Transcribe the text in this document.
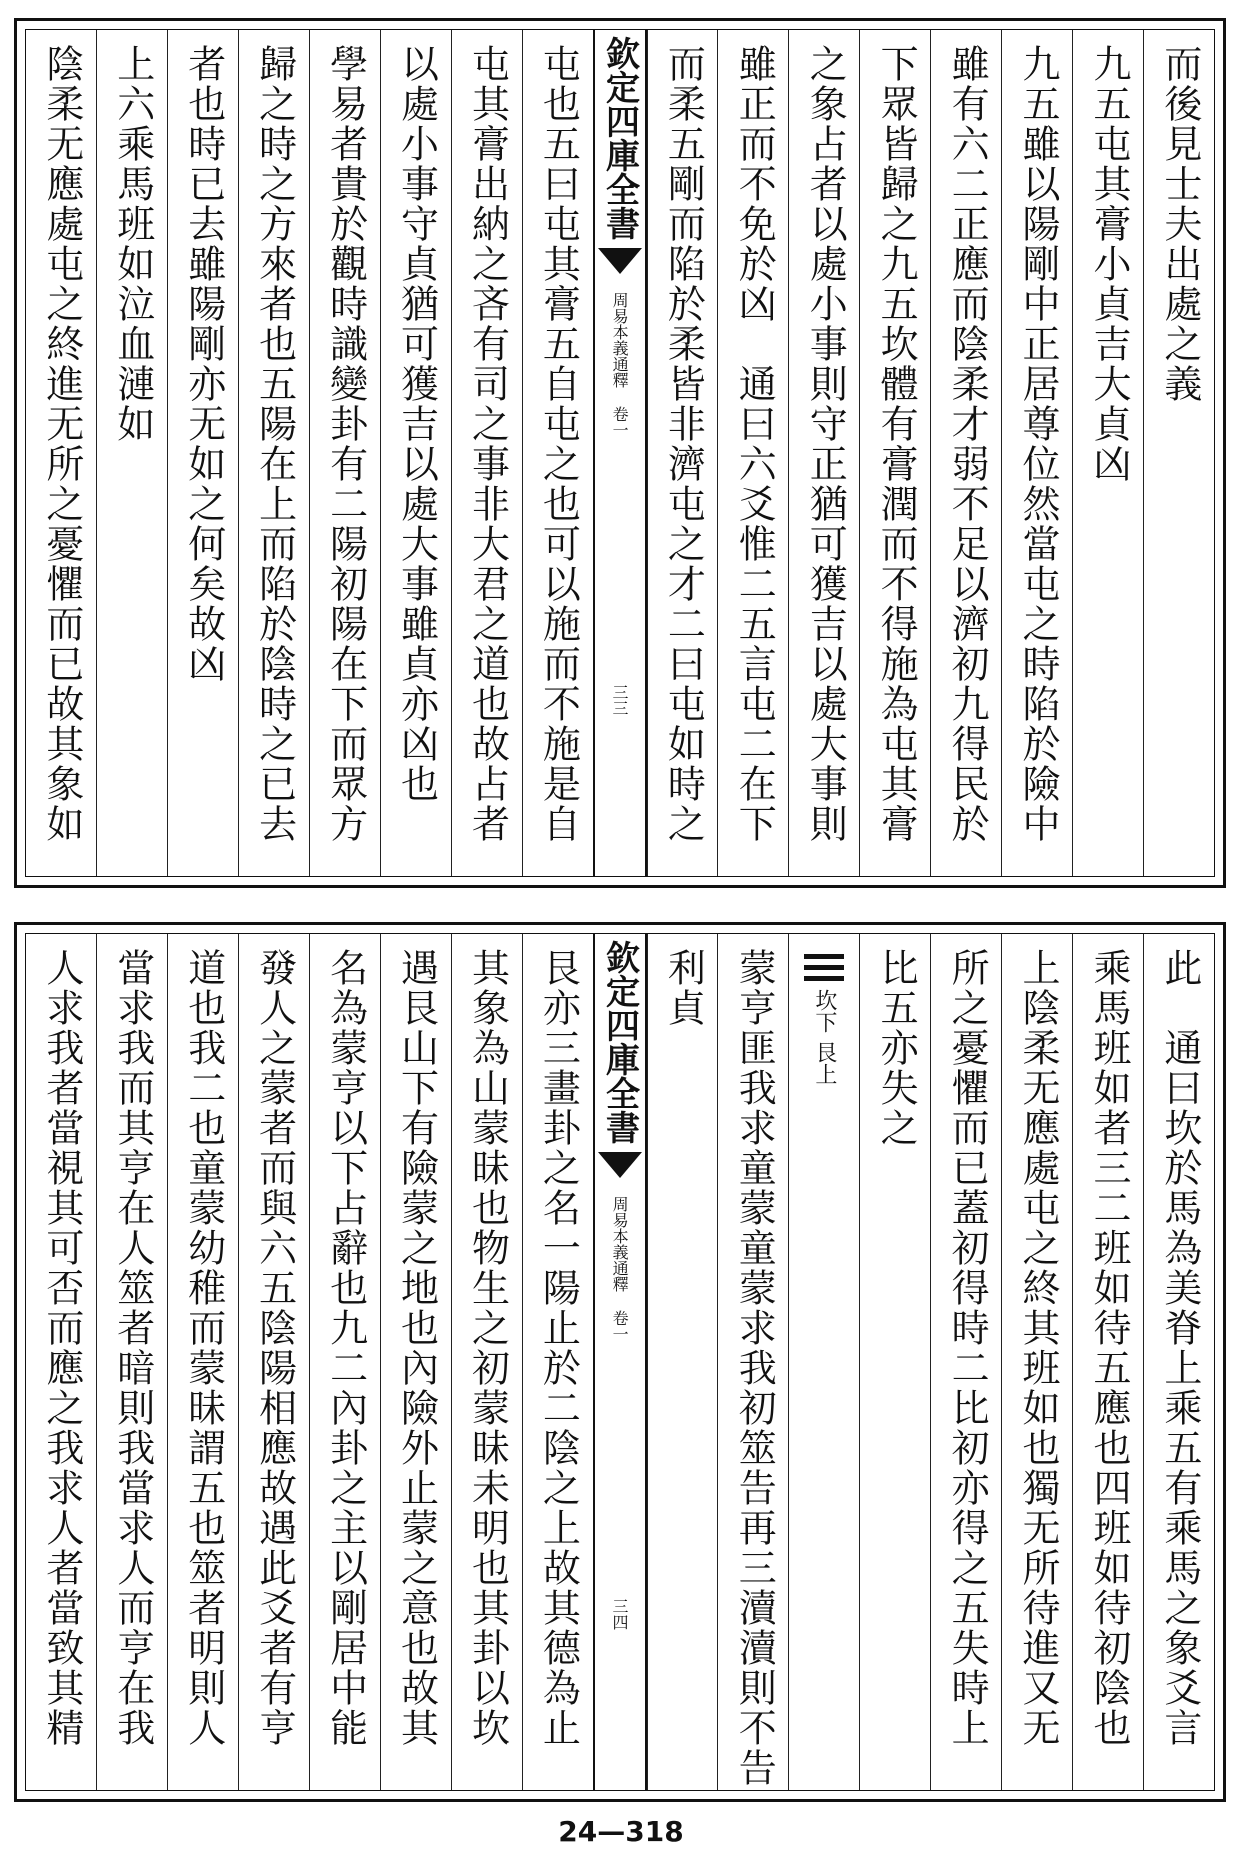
而後見士夫出處之義
九五屯其膏小貞吉大貞凶
九五雖以陽剛中正居尊位然當屯之時陷於險中
雖有六二正應而陰柔才弱不足以濟初九得民於
下眾皆歸之九五坎體有膏潤而不得施為屯其膏
之象占者以處小事則守正猶可獲吉以處大事則
雖正而不免於凶　通曰六爻惟二五言屯二在下
而柔五剛而陷於柔皆非濟屯之才二曰屯如時之
欽定四庫全書
周易本義通釋
卷一
三三
屯也五曰屯其膏五自屯之也可以施而不施是自
屯其膏出納之吝有司之事非大君之道也故占者
以處小事守貞猶可獲吉以處大事雖貞亦凶也
學易者貴於觀時識變卦有二陽初陽在下而眾方
歸之時之方來者也五陽在上而陷於陰時之已去
者也時已去雖陽剛亦无如之何矣故凶
上六乘馬班如泣血漣如
陰柔无應處屯之終進无所之憂懼而已故其象如
此　通曰坎於馬為美脊上乘五有乘馬之象爻言
乘馬班如者三二班如待五應也四班如待初陰也
上陰柔无應處屯之終其班如也獨无所待進又无
所之憂懼而已蓋初得時二比初亦得之五失時上
比五亦失之
坎下
艮上
蒙亨匪我求童蒙童蒙求我初筮告再三瀆瀆則不告
利貞
欽定四庫全書
周易本義通釋
卷一
三四
艮亦三畫卦之名一陽止於二陰之上故其德為止
其象為山蒙昧也物生之初蒙昧未明也其卦以坎
遇艮山下有險蒙之地也內險外止蒙之意也故其
名為蒙亨以下占辭也九二內卦之主以剛居中能
發人之蒙者而與六五陰陽相應故遇此爻者有亨
道也我二也童蒙幼稚而蒙昧謂五也筮者明則人
當求我而其亨在人筮者暗則我當求人而亨在我
人求我者當視其可否而應之我求人者當致其精
24—318
